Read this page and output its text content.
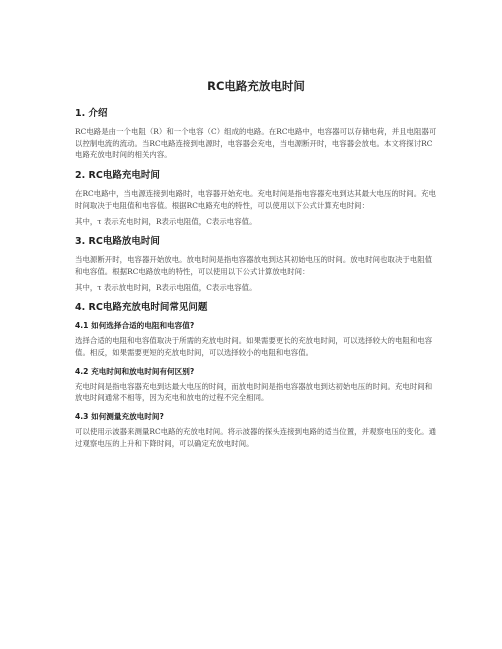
RC电路充放电时间
1. 介绍

RC电路是由一个电阻（R）和一个电容（C）组成的电路。在RC电路中，电容器可以存储电荷，并且电阻器可以控制电流的流动。当RC电路连接到电源时，电容器会充电，当电源断开时，电容器会放电。本文将探讨RC电路充放电时间的相关内容。

2. RC电路充电时间

在RC电路中，当电源连接到电路时，电容器开始充电。充电时间是指电容器充电到达其最大电压的时间。充电时间取决于电阻值和电容值。根据RC电路充电的特性，可以使用以下公式计算充电时间：

其中，τ 表示充电时间，R表示电阻值，C表示电容值。

3. RC电路放电时间

当电源断开时，电容器开始放电。放电时间是指电容器放电到达其初始电压的时间。放电时间也取决于电阻值和电容值。根据RC电路放电的特性，可以使用以下公式计算放电时间：

其中，τ 表示放电时间，R表示电阻值，C表示电容值。

4. RC电路充放电时间常见问题
4.1 如何选择合适的电阻和电容值?

选择合适的电阻和电容值取决于所需的充放电时间。如果需要更长的充放电时间，可以选择较大的电阻和电容值。相反，如果需要更短的充放电时间，可以选择较小的电阻和电容值。

4.2 充电时间和放电时间有何区别?

充电时间是指电容器充电到达最大电压的时间，而放电时间是指电容器放电到达初始电压的时间。充电时间和放电时间通常不相等，因为充电和放电的过程不完全相同。

4.3 如何测量充放电时间?

可以使用示波器来测量RC电路的充放电时间。将示波器的探头连接到电路的适当位置，并观察电压的变化。通过观察电压的上升和下降时间，可以确定充放电时间。
